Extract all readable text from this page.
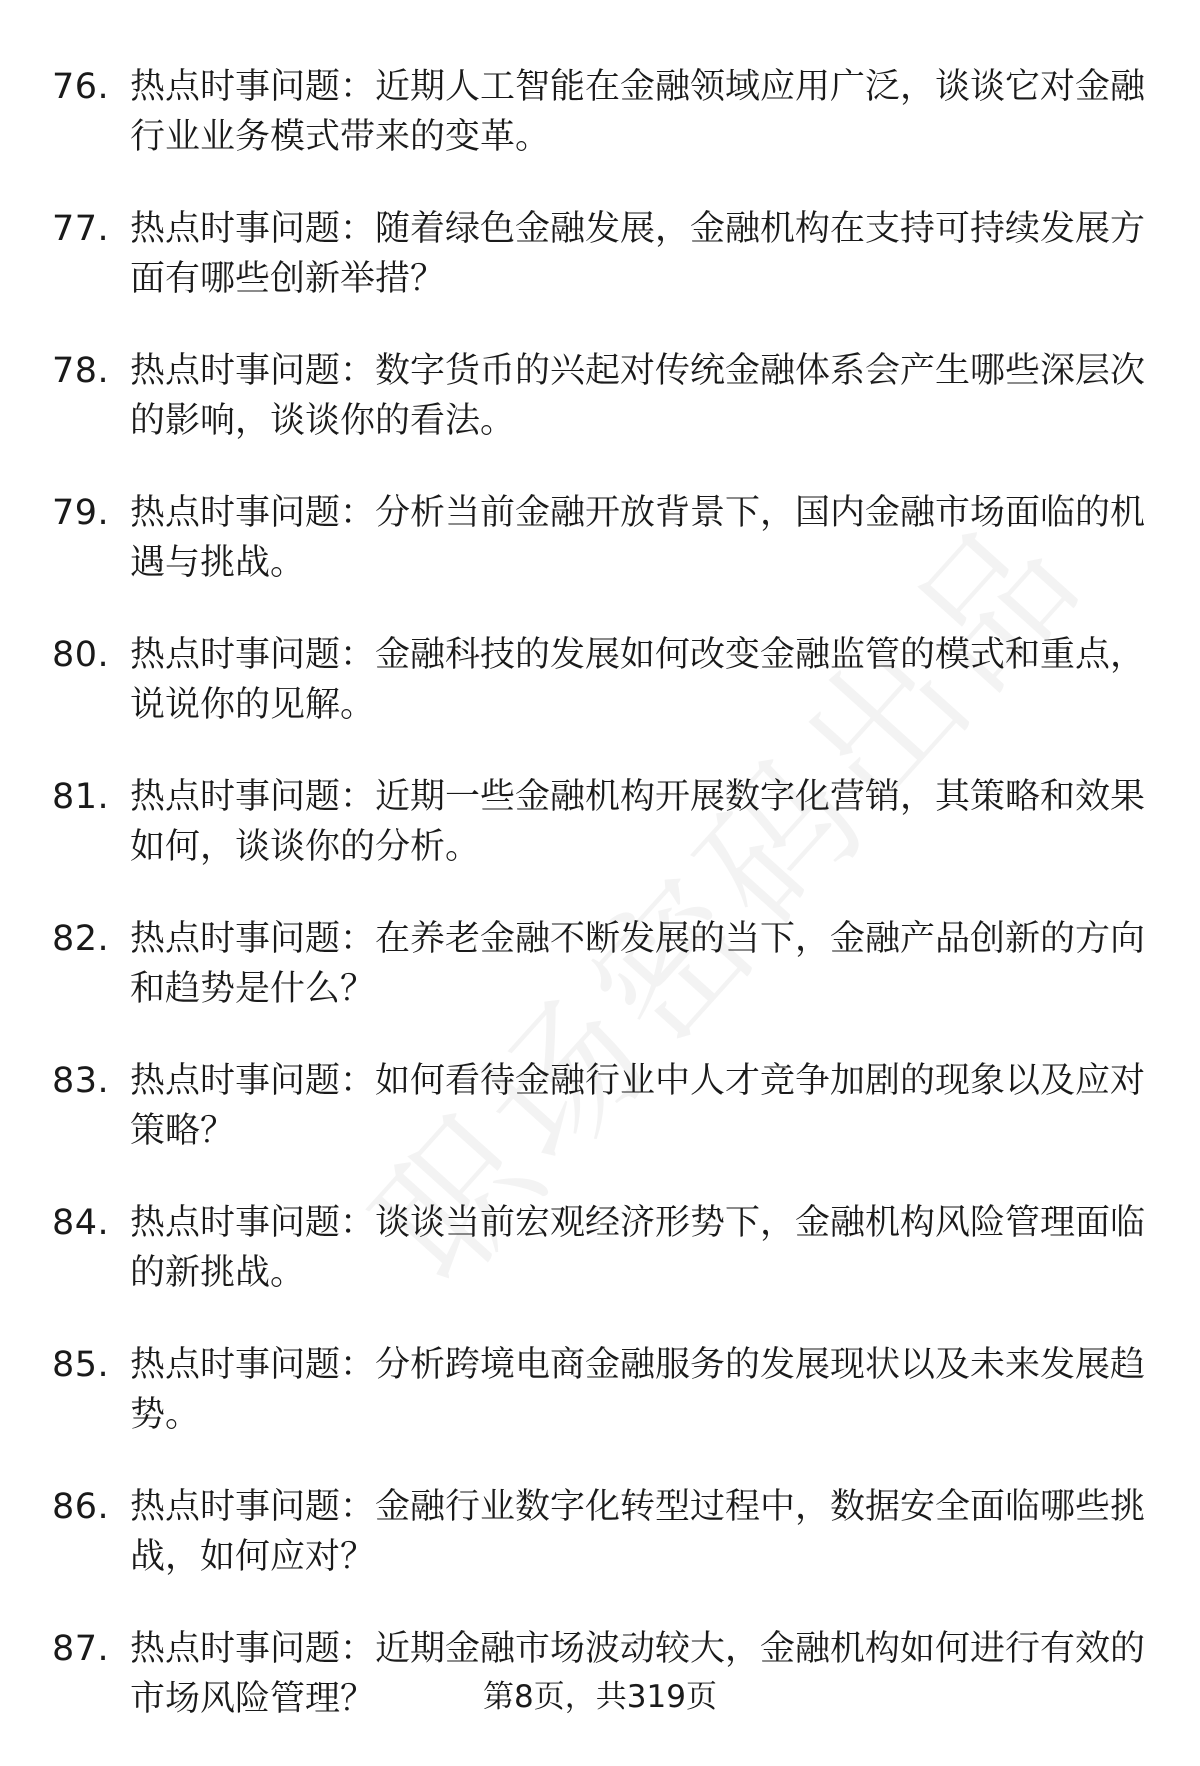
76. 热点时事问题：近期人工智能在金融领域应用广泛，谈谈它对金融行业业务模式带来的变革。
77. 热点时事问题：随着绿色金融发展，金融机构在支持可持续发展方面有哪些创新举措？
78. 热点时事问题：数字货币的兴起对传统金融体系会产生哪些深层次的影响，谈谈你的看法。
79. 热点时事问题：分析当前金融开放背景下，国内金融市场面临的机遇与挑战。
80. 热点时事问题：金融科技的发展如何改变金融监管的模式和重点，说说你的见解。
81. 热点时事问题：近期一些金融机构开展数字化营销，其策略和效果如何，谈谈你的分析。
82. 热点时事问题：在养老金融不断发展的当下，金融产品创新的方向和趋势是什么？
83. 热点时事问题：如何看待金融行业中人才竞争加剧的现象以及应对策略？
84. 热点时事问题：谈谈当前宏观经济形势下，金融机构风险管理面临的新挑战。
85. 热点时事问题：分析跨境电商金融服务的发展现状以及未来发展趋势。
86. 热点时事问题：金融行业数字化转型过程中，数据安全面临哪些挑战，如何应对？
87. 热点时事问题：近期金融市场波动较大，金融机构如何进行有效的市场风险管理？	第8页，共319页
